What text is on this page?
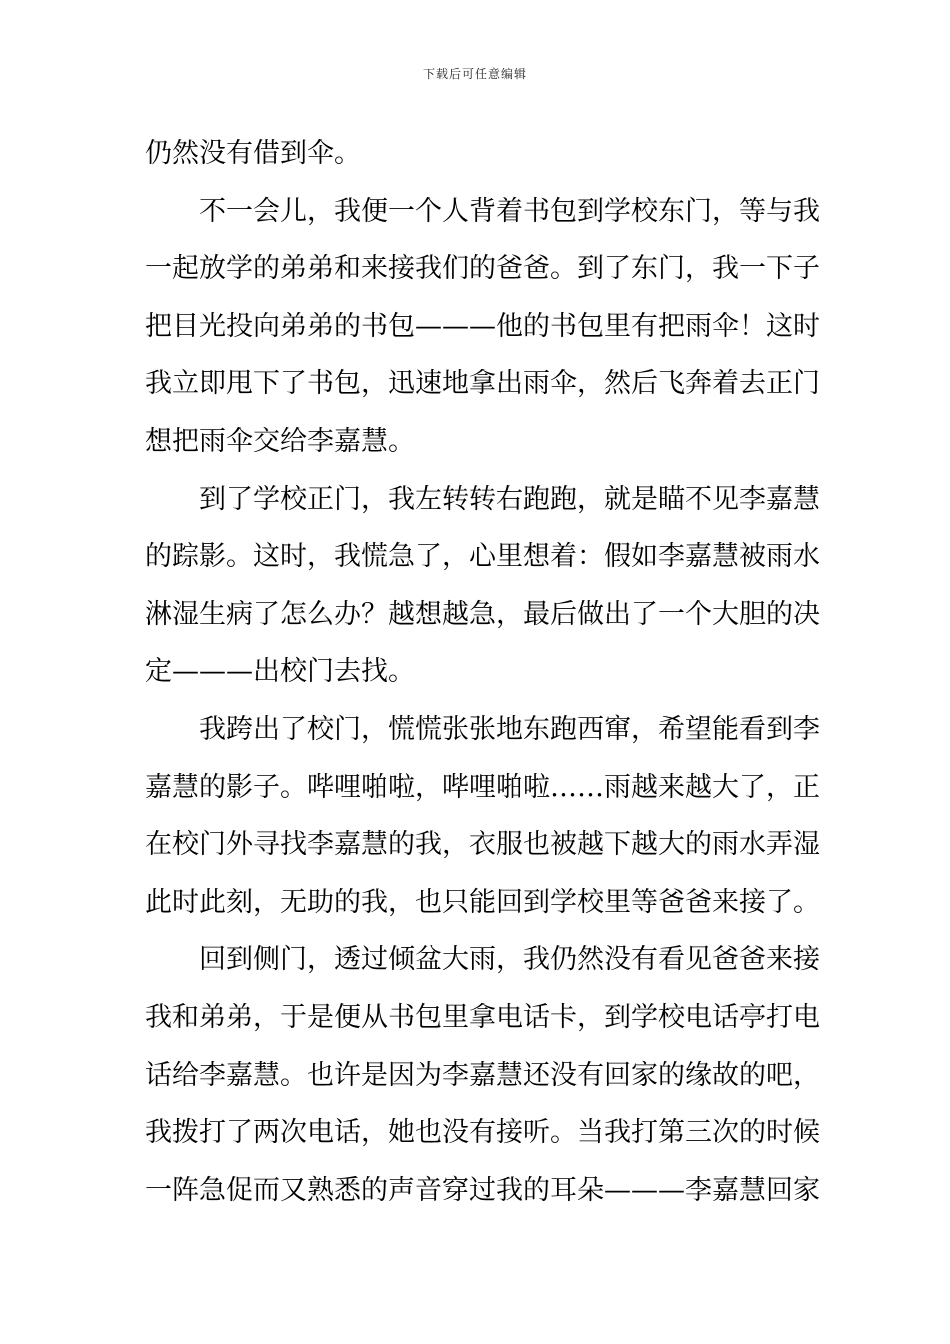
下载后可任意编辑
仍然没有借到伞。
不一会儿，我便一个人背着书包到学校东门，等与我
一起放学的弟弟和来接我们的爸爸。到了东门，我一下子
把目光投向弟弟的书包———他的书包里有把雨伞！这时
我立即甩下了书包，迅速地拿出雨伞，然后飞奔着去正门
想把雨伞交给李嘉慧。
到了学校正门，我左转转右跑跑，就是瞄不见李嘉慧
的踪影。这时，我慌急了，心里想着：假如李嘉慧被雨水
淋湿生病了怎么办？越想越急，最后做出了一个大胆的决
定———出校门去找。
我跨出了校门，慌慌张张地东跑西窜，希望能看到李
嘉慧的影子。哔哩啪啦，哔哩啪啦……雨越来越大了，正
在校门外寻找李嘉慧的我，衣服也被越下越大的雨水弄湿
此时此刻，无助的我，也只能回到学校里等爸爸来接了。
回到侧门，透过倾盆大雨，我仍然没有看见爸爸来接
我和弟弟，于是便从书包里拿电话卡，到学校电话亭打电
话给李嘉慧。也许是因为李嘉慧还没有回家的缘故的吧，
我拨打了两次电话，她也没有接听。当我打第三次的时候
一阵急促而又熟悉的声音穿过我的耳朵———李嘉慧回家
